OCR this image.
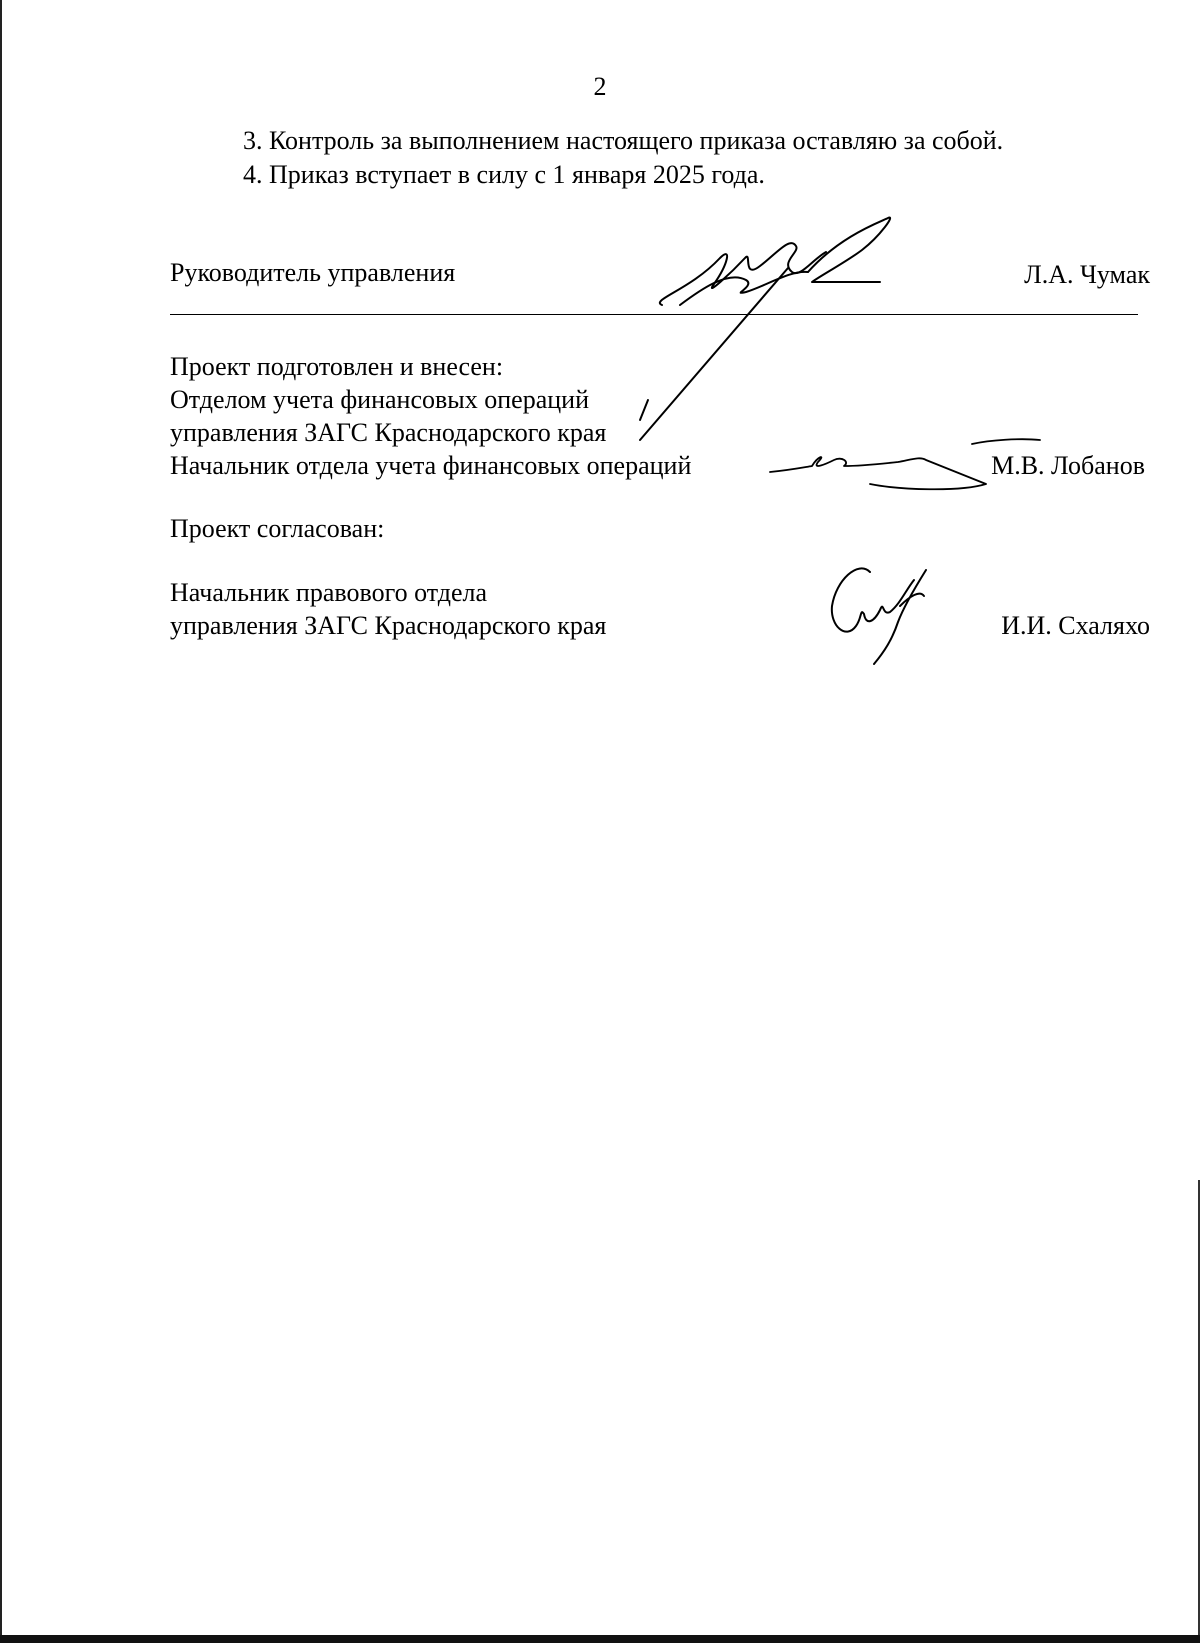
2
3. Контроль за выполнением настоящего приказа оставляю за собой.
4. Приказ вступает в силу с 1 января 2025 года.
Руководитель управления	Л.А. Чумак
Проект подготовлен и внесен:
Отделом учета финансовых операций
управления ЗАГС Краснодарского края
Начальник отдела учета финансовых операций	М.В. Лобанов
Проект согласован:
Начальник правового отдела
управления ЗАГС Краснодарского края	И.И. Схаляхо
